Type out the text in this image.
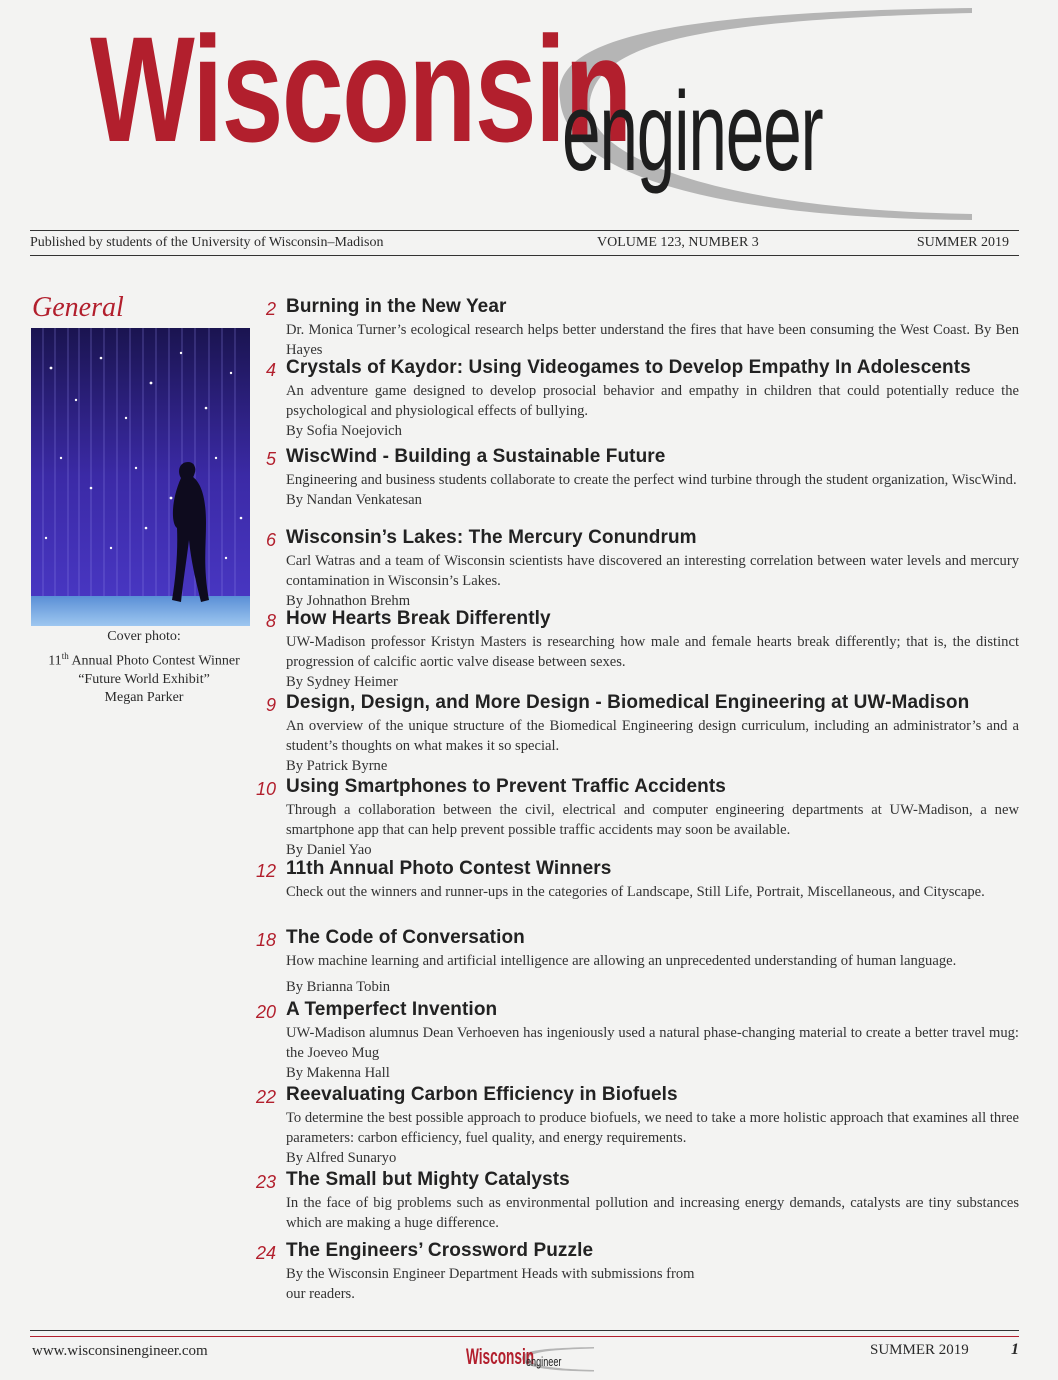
Wisconsin
engineer
Published by students of the University of Wisconsin–Madison	VOLUME 123, NUMBER 3	SUMMER 2019
General
Cover photo:
11th Annual Photo Contest Winner
“Future World Exhibit”
Megan Parker
2 Burning in the New Year
Dr. Monica Turner’s ecological research helps better understand the fires that have been consuming the West Coast. By Ben Hayes
4 Crystals of Kaydor: Using Videogames to Develop Empathy In Adolescents
An adventure game designed to develop prosocial behavior and empathy in children that could potentially reduce the psychological and physiological effects of bullying.
By Sofia Noejovich
5 WiscWind - Building a Sustainable Future
Engineering and business students collaborate to create the perfect wind turbine through the student organization, WiscWind.
By Nandan Venkatesan
6 Wisconsin’s Lakes: The Mercury Conundrum
Carl Watras and a team of Wisconsin scientists have discovered an interesting correlation between water levels and mercury contamination in Wisconsin’s Lakes.
By Johnathon Brehm
8 How Hearts Break Differently
UW-Madison professor Kristyn Masters is researching how male and female hearts break differently; that is, the distinct progression of calcific aortic valve disease between sexes.
By Sydney Heimer
9 Design, Design, and More Design - Biomedical Engineering at UW-Madison
An overview of the unique structure of the Biomedical Engineering design curriculum, including an administrator’s and a student’s thoughts on what makes it so special.
By Patrick Byrne
10 Using Smartphones to Prevent Traffic Accidents
Through a collaboration between the civil, electrical and computer engineering departments at UW-Madison, a new smartphone app that can help prevent possible traffic accidents may soon be available.
By Daniel Yao
12 11th Annual Photo Contest Winners
Check out the winners and runner-ups in the categories of Landscape, Still Life, Portrait, Miscellaneous, and Cityscape.
18 The Code of Conversation
How machine learning and artificial intelligence are allowing an unprecedented understanding of human language.
By Brianna Tobin
20 A Temperfect Invention
UW-Madison alumnus Dean Verhoeven has ingeniously used a natural phase-changing material to create a better travel mug: the Joeveo Mug
By Makenna Hall
22 Reevaluating Carbon Efficiency in Biofuels
To determine the best possible approach to produce biofuels, we need to take a more holistic approach that examines all three parameters: carbon efficiency, fuel quality, and energy requirements.
By Alfred Sunaryo
23 The Small but Mighty Catalysts
In the face of big problems such as environmental pollution and increasing energy demands, catalysts are tiny substances which are making a huge difference.
24 The Engineers’ Crossword Puzzle
By the Wisconsin Engineer Department Heads with submissions from our readers.
www.wisconsinengineer.com	Wisconsin
engineer
SUMMER 2019	1
